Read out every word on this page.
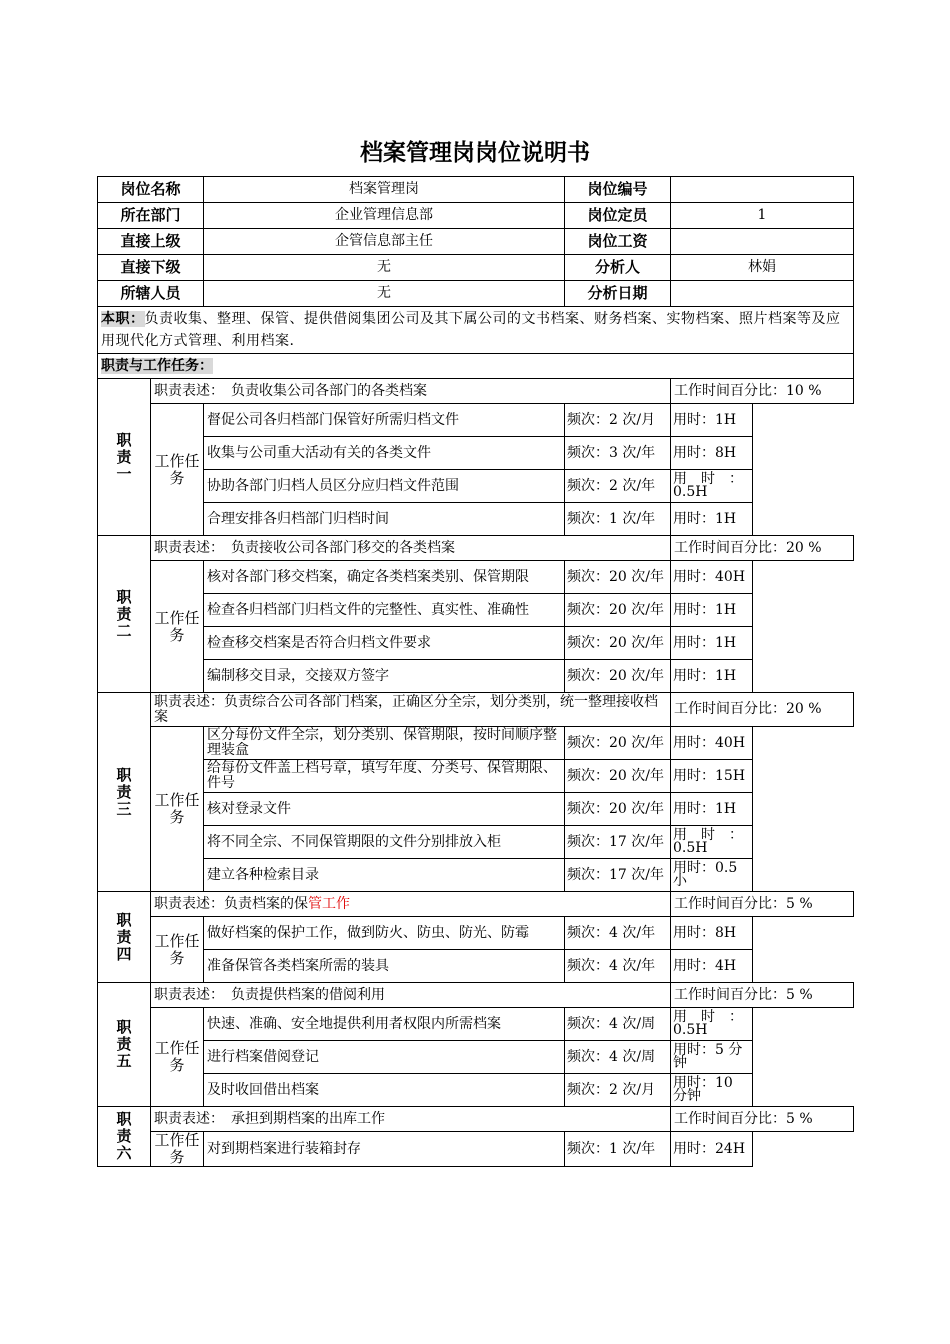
档案管理岗岗位说明书
岗位名称		档案管理岗	岗位编号	
所在部门		企业管理信息部	岗位定员	1
直接上级		企管信息部主任	岗位工资	
直接下级		无	分析人	林娟
所辖人员		无	分析日期	
本职：负责收集、整理、保管、提供借阅集团公司及其下属公司的文书档案、财务档案、实物档案、照片档案等及应用现代化方式管理、利用档案.				
职责与工作任务：				

职
责
一	职责表述：　负责收集公司各部门的各类档案			工作时间百分比：10 %
	工作任务	督促公司各归档部门保管好所需归档文件	频次：2 次/月	用时：1H
		收集与公司重大活动有关的各类文件	频次：3 次/年	用时：8H
		协助各部门归档人员区分应归档文件范围	频次：2 次/年	用　时　：0.5H
		合理安排各归档部门归档时间	频次：1 次/年	用时：1H

职
责
二	职责表述：　负责接收公司各部门移交的各类档案			工作时间百分比：20 %
	工作任务	核对各部门移交档案，确定各类档案类别、保管期限	频次：20 次/年	用时：40H
		检查各归档部门归档文件的完整性、真实性、准确性	频次：20 次/年	用时：1H
		检查移交档案是否符合归档文件要求	频次：20 次/年	用时：1H
		编制移交目录，交接双方签字	频次：20 次/年	用时：1H

职
责
三	职责表述：负责综合公司各部门档案，正确区分全宗，划分类别，统一整理接收档案			工作时间百分比：20 %
	工作任务	区分每份文件全宗，划分类别、保管期限，按时间顺序整理装盒	频次：20 次/年	用时：40H
		给每份文件盖上档号章，填写年度、分类号、保管期限、件号	频次：20 次/年	用时：15H
		核对登录文件	频次：20 次/年	用时：1H
		将不同全宗、不同保管期限的文件分别排放入柜	频次：17 次/年	用　时　：0.5H
		建立各种检索目录	频次：17 次/年	用时：0.5 小

职
责
四	职责表述：负责档案的保管工作			工作时间百分比：5 %
	工作任务	做好档案的保护工作，做到防火、防虫、防光、防霉	频次：4 次/年	用时：8H
		准备保管各类档案所需的装具	频次：4 次/年	用时：4H

职
责
五	职责表述：　负责提供档案的借阅利用			工作时间百分比：5 %
	工作任务	快速、准确、安全地提供利用者权限内所需档案	频次：4 次/周	用　时　：0.5H
		进行档案借阅登记	频次：4 次/周	用时：5 分钟
		及时收回借出档案	频次：2 次/月	用时：10 分钟

职
责
六	职责表述：　承担到期档案的出库工作			工作时间百分比：5 %
	工作任务	对到期档案进行装箱封存	频次：1 次/年	用时：24H
